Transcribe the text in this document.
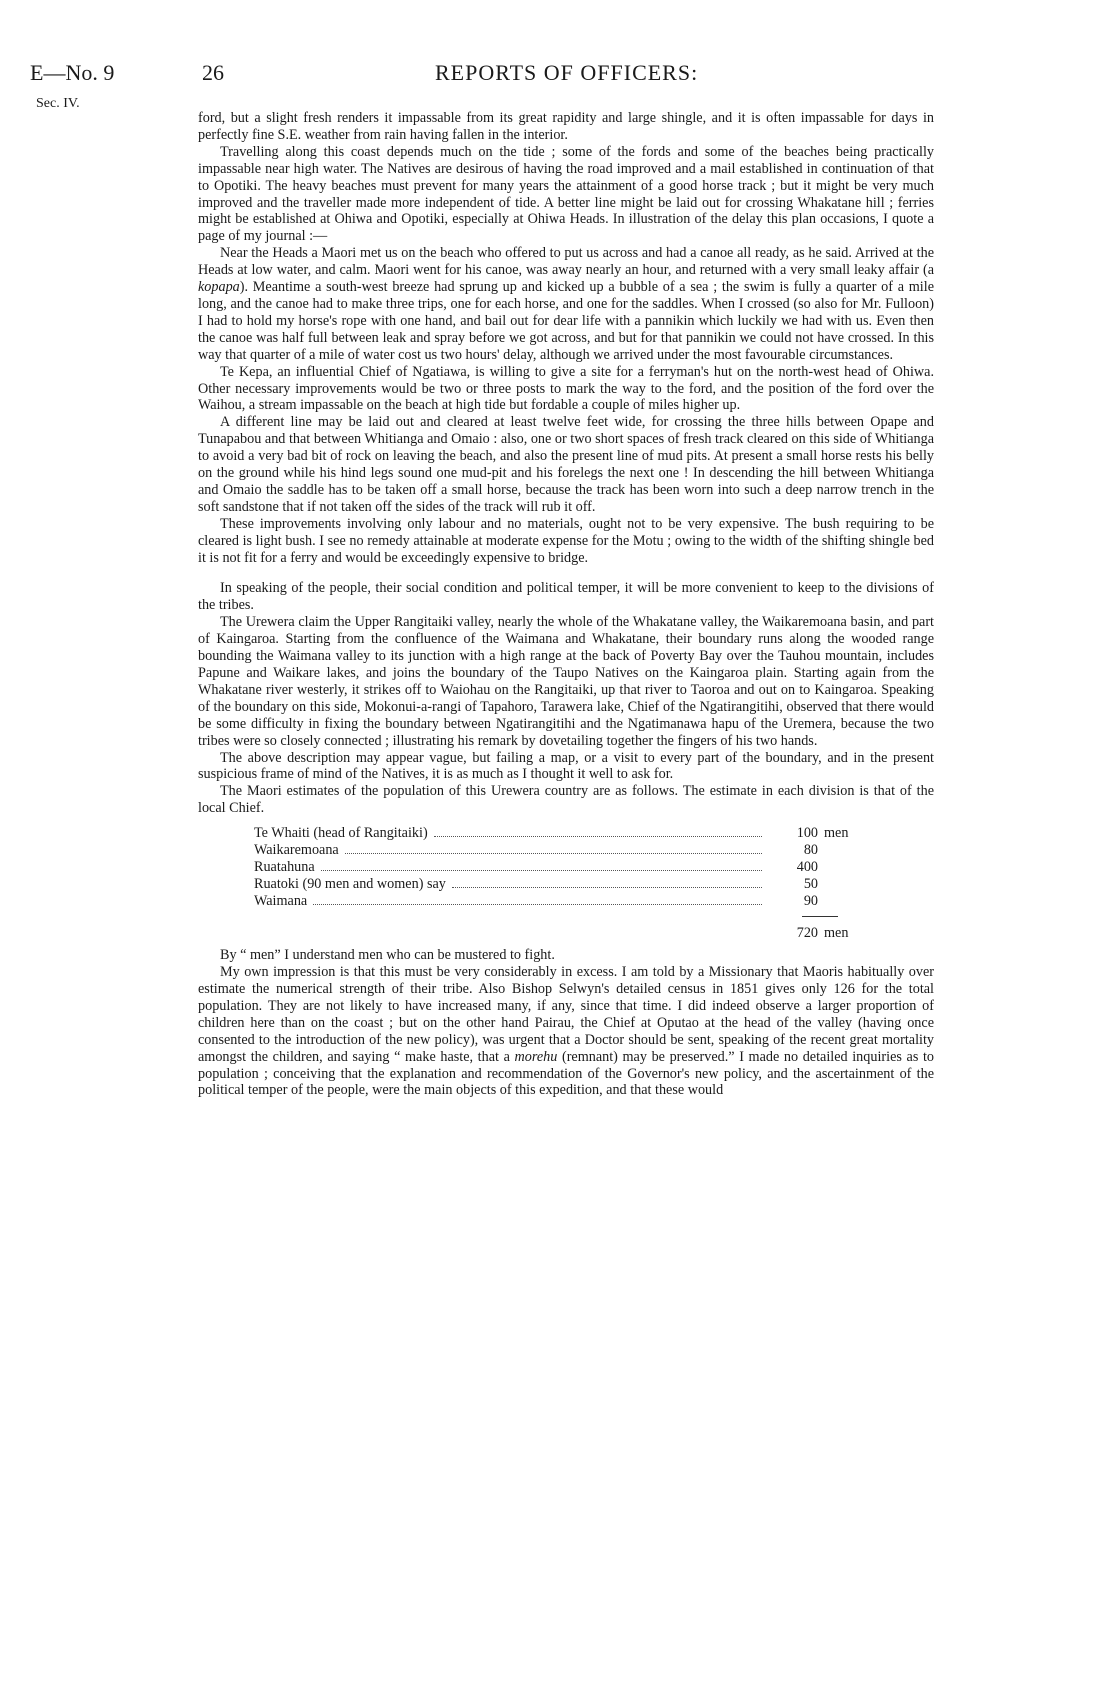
E—No. 9
Sec. IV.
26	REPORTS OF OFFICERS:

ford, but a slight fresh renders it impassable from its great rapidity and large shingle, and it is often impassable for days in perfectly fine S.E. weather from rain having fallen in the interior.

Travelling along this coast depends much on the tide ; some of the fords and some of the beaches being practically impassable near high water. The Natives are desirous of having the road improved and a mail established in continuation of that to Opotiki. The heavy beaches must prevent for many years the attainment of a good horse track ; but it might be very much improved and the traveller made more independent of tide. A better line might be laid out for crossing Whakatane hill ; ferries might be established at Ohiwa and Opotiki, especially at Ohiwa Heads. In illustration of the delay this plan occasions, I quote a page of my journal :—

Near the Heads a Maori met us on the beach who offered to put us across and had a canoe all ready, as he said. Arrived at the Heads at low water, and calm. Maori went for his canoe, was away nearly an hour, and returned with a very small leaky affair (a kopapa). Meantime a south-west breeze had sprung up and kicked up a bubble of a sea ; the swim is fully a quarter of a mile long, and the canoe had to make three trips, one for each horse, and one for the saddles. When I crossed (so also for Mr. Fulloon) I had to hold my horse's rope with one hand, and bail out for dear life with a pannikin which luckily we had with us. Even then the canoe was half full between leak and spray before we got across, and but for that pannikin we could not have crossed. In this way that quarter of a mile of water cost us two hours' delay, although we arrived under the most favourable circumstances.

Te Kepa, an influential Chief of Ngatiawa, is willing to give a site for a ferryman's hut on the north-west head of Ohiwa. Other necessary improvements would be two or three posts to mark the way to the ford, and the position of the ford over the Waihou, a stream impassable on the beach at high tide but fordable a couple of miles higher up.

A different line may be laid out and cleared at least twelve feet wide, for crossing the three hills between Opape and Tunapabou and that between Whitianga and Omaio : also, one or two short spaces of fresh track cleared on this side of Whitianga to avoid a very bad bit of rock on leaving the beach, and also the present line of mud pits. At present a small horse rests his belly on the ground while his hind legs sound one mud-pit and his forelegs the next one ! In descending the hill between Whitianga and Omaio the saddle has to be taken off a small horse, because the track has been worn into such a deep narrow trench in the soft sandstone that if not taken off the sides of the track will rub it off.

These improvements involving only labour and no materials, ought not to be very expensive. The bush requiring to be cleared is light bush. I see no remedy attainable at moderate expense for the Motu ; owing to the width of the shifting shingle bed it is not fit for a ferry and would be exceedingly expensive to bridge.

In speaking of the people, their social condition and political temper, it will be more convenient to keep to the divisions of the tribes.

The Urewera claim the Upper Rangitaiki valley, nearly the whole of the Whakatane valley, the Waikaremoana basin, and part of Kaingaroa. Starting from the confluence of the Waimana and Whakatane, their boundary runs along the wooded range bounding the Waimana valley to its junction with a high range at the back of Poverty Bay over the Tauhou mountain, includes Papune and Waikare lakes, and joins the boundary of the Taupo Natives on the Kaingaroa plain. Starting again from the Whakatane river westerly, it strikes off to Waiohau on the Rangitaiki, up that river to Taoroa and out on to Kaingaroa. Speaking of the boundary on this side, Mokonui-a-rangi of Tapahoro, Tarawera lake, Chief of the Ngatirangitihi, observed that there would be some difficulty in fixing the boundary between Ngatirangitihi and the Ngatimanawa hapu of the Uremera, because the two tribes were so closely connected ; illustrating his remark by dovetailing together the fingers of his two hands.

The above description may appear vague, but failing a map, or a visit to every part of the boundary, and in the present suspicious frame of mind of the Natives, it is as much as I thought it well to ask for.

The Maori estimates of the population of this Urewera country are as follows. The estimate in each division is that of the local Chief.

Te Whaiti (head of Rangitaiki)	100 men
Waikaremoana	80
Ruatahuna	400
Ruatoki (90 men and women) say	50
Waimana	90
720 men

By “ men” I understand men who can be mustered to fight.

My own impression is that this must be very considerably in excess. I am told by a Missionary that Maoris habitually over estimate the numerical strength of their tribe. Also Bishop Selwyn's detailed census in 1851 gives only 126 for the total population. They are not likely to have increased many, if any, since that time. I did indeed observe a larger proportion of children here than on the coast ; but on the other hand Pairau, the Chief at Oputao at the head of the valley (having once consented to the introduction of the new policy), was urgent that a Doctor should be sent, speaking of the recent great mortality amongst the children, and saying “ make haste, that a morehu (remnant) may be preserved.” I made no detailed inquiries as to population ; conceiving that the explanation and recommendation of the Governor's new policy, and the ascertainment of the political temper of the people, were the main objects of this expedition, and that these would
